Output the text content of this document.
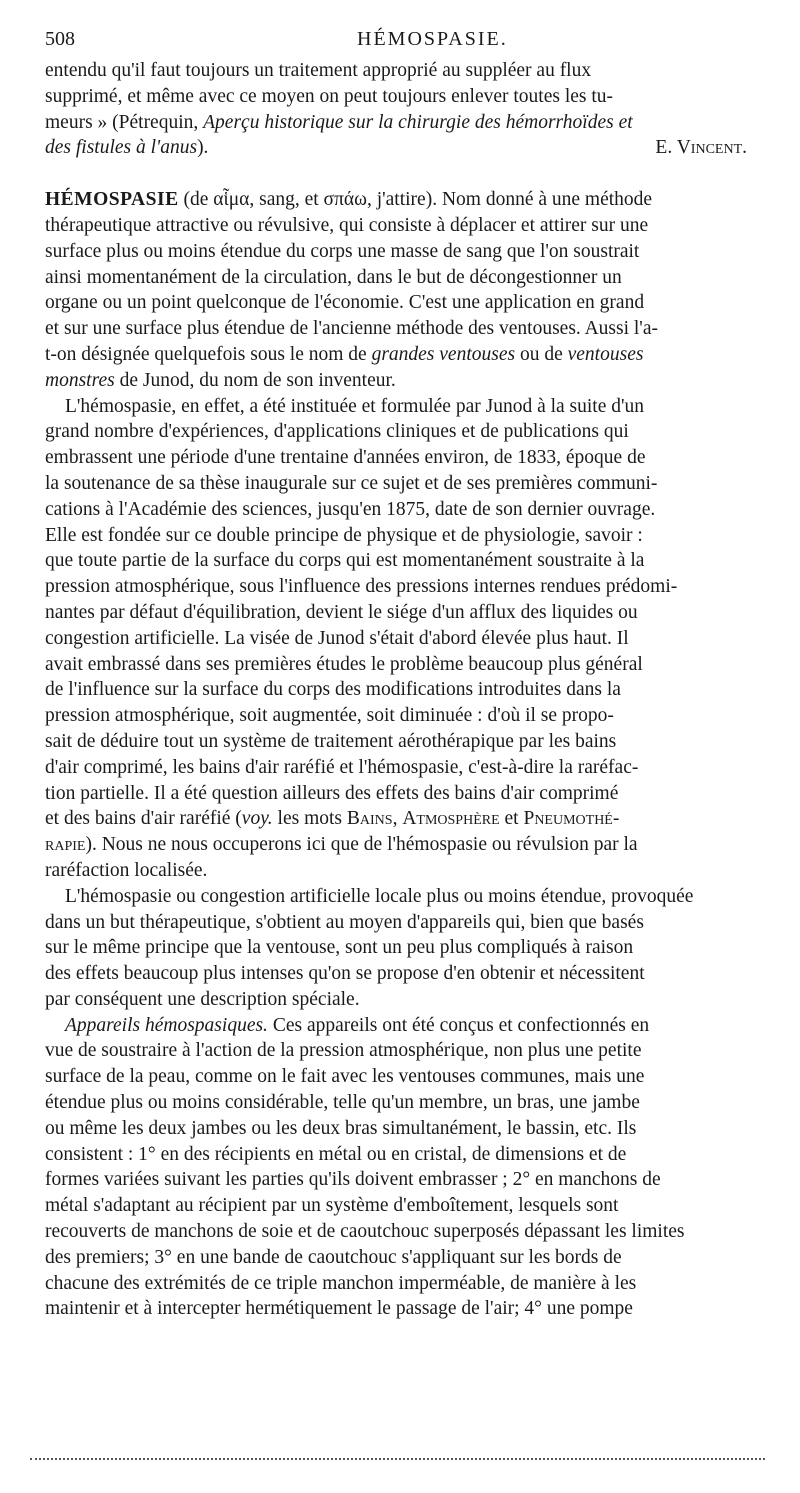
508	HÉMOSPASIE.

entendu qu'il faut toujours un traitement approprié au suppléer au flux
supprimé, et même avec ce moyen on peut toujours enlever toutes les tu-
meurs » (Pétrequin, Aperçu historique sur la chirurgie des hémorrhoïdes et

des fistules à l'anus).	E. Vincent.

HÉMOSPASIE (de αἷμα, sang, et σπάω, j'attire). Nom donné à une méthode
thérapeutique attractive ou révulsive, qui consiste à déplacer et attirer sur une
surface plus ou moins étendue du corps une masse de sang que l'on soustrait
ainsi momentanément de la circulation, dans le but de décongestionner un
organe ou un point quelconque de l'économie. C'est une application en grand
et sur une surface plus étendue de l'ancienne méthode des ventouses. Aussi l'a-
t-on désignée quelquefois sous le nom de grandes ventouses ou de ventouses
monstres de Junod, du nom de son inventeur.

L'hémospasie, en effet, a été instituée et formulée par Junod à la suite d'un
grand nombre d'expériences, d'applications cliniques et de publications qui
embrassent une période d'une trentaine d'années environ, de 1833, époque de
la soutenance de sa thèse inaugurale sur ce sujet et de ses premières communi-
cations à l'Académie des sciences, jusqu'en 1875, date de son dernier ouvrage.
Elle est fondée sur ce double principe de physique et de physiologie, savoir :
que toute partie de la surface du corps qui est momentanément soustraite à la
pression atmosphérique, sous l'influence des pressions internes rendues prédomi-
nantes par défaut d'équilibration, devient le siége d'un afflux des liquides ou
congestion artificielle. La visée de Junod s'était d'abord élevée plus haut. Il
avait embrassé dans ses premières études le problème beaucoup plus général
de l'influence sur la surface du corps des modifications introduites dans la
pression atmosphérique, soit augmentée, soit diminuée : d'où il se propo-
sait de déduire tout un système de traitement aérothérapique par les bains
d'air comprimé, les bains d'air raréfié et l'hémospasie, c'est-à-dire la raréfac-
tion partielle. Il a été question ailleurs des effets des bains d'air comprimé
et des bains d'air raréfié (voy. les mots Bains, Atmosphère et Pneumothé-
rapie). Nous ne nous occuperons ici que de l'hémospasie ou révulsion par la
raréfaction localisée.

L'hémospasie ou congestion artificielle locale plus ou moins étendue, provoquée
dans un but thérapeutique, s'obtient au moyen d'appareils qui, bien que basés
sur le même principe que la ventouse, sont un peu plus compliqués à raison
des effets beaucoup plus intenses qu'on se propose d'en obtenir et nécessitent
par conséquent une description spéciale.

Appareils hémospasiques. Ces appareils ont été conçus et confectionnés en
vue de soustraire à l'action de la pression atmosphérique, non plus une petite
surface de la peau, comme on le fait avec les ventouses communes, mais une
étendue plus ou moins considérable, telle qu'un membre, un bras, une jambe
ou même les deux jambes ou les deux bras simultanément, le bassin, etc. Ils
consistent : 1° en des récipients en métal ou en cristal, de dimensions et de
formes variées suivant les parties qu'ils doivent embrasser ; 2° en manchons de
métal s'adaptant au récipient par un système d'emboîtement, lesquels sont
recouverts de manchons de soie et de caoutchouc superposés dépassant les limites
des premiers; 3° en une bande de caoutchouc s'appliquant sur les bords de
chacune des extrémités de ce triple manchon imperméable, de manière à les
maintenir et à intercepter hermétiquement le passage de l'air; 4° une pompe
